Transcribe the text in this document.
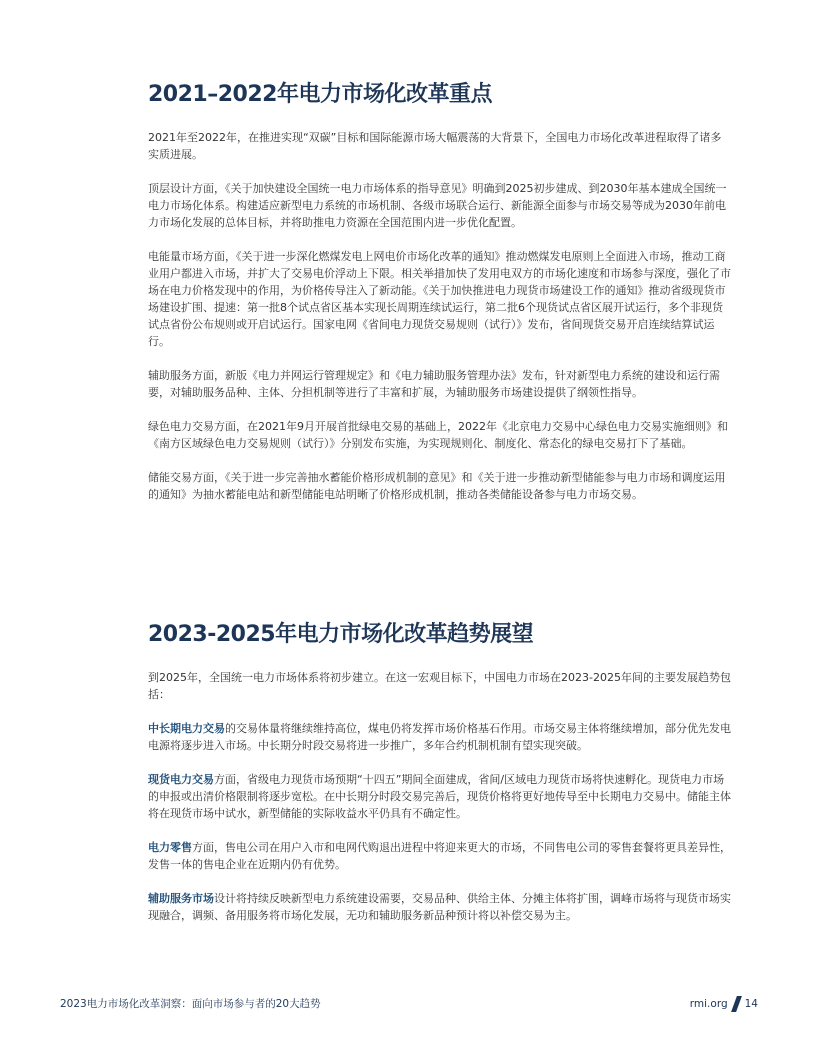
2021–2022年电力市场化改革重点

2021年至2022年，在推进实现“双碳”目标和国际能源市场大幅震荡的大背景下，全国电力市场化改革进程取得了诸多实质进展。

顶层设计方面，《关于加快建设全国统一电力市场体系的指导意见》明确到2025初步建成、到2030年基本建成全国统一电力市场化体系。构建适应新型电力系统的市场机制、各级市场联合运行、新能源全面参与市场交易等成为2030年前电力市场化发展的总体目标，并将助推电力资源在全国范围内进一步优化配置。

电能量市场方面，《关于进一步深化燃煤发电上网电价市场化改革的通知》推动燃煤发电原则上全面进入市场，推动工商业用户都进入市场，并扩大了交易电价浮动上下限。相关举措加快了发用电双方的市场化速度和市场参与深度，强化了市场在电力价格发现中的作用，为价格传导注入了新动能。《关于加快推进电力现货市场建设工作的通知》推动省级现货市场建设扩围、提速：第一批8个试点省区基本实现长周期连续试运行，第二批6个现货试点省区展开试运行，多个非现货试点省份公布规则或开启试运行。国家电网《省间电力现货交易规则（试行）》发布，省间现货交易开启连续结算试运行。

辅助服务方面，新版《电力并网运行管理规定》和《电力辅助服务管理办法》发布，针对新型电力系统的建设和运行需要，对辅助服务品种、主体、分担机制等进行了丰富和扩展，为辅助服务市场建设提供了纲领性指导。

绿色电力交易方面，在2021年9月开展首批绿电交易的基础上，2022年《北京电力交易中心绿色电力交易实施细则》和《南方区域绿色电力交易规则（试行）》分别发布实施，为实现规则化、制度化、常态化的绿电交易打下了基础。

储能交易方面，《关于进一步完善抽水蓄能价格形成机制的意见》和《关于进一步推动新型储能参与电力市场和调度运用的通知》为抽水蓄能电站和新型储能电站明晰了价格形成机制，推动各类储能设备参与电力市场交易。

2023-2025年电力市场化改革趋势展望

到2025年，全国统一电力市场体系将初步建立。在这一宏观目标下，中国电力市场在2023-2025年间的主要发展趋势包括：

中长期电力交易的交易体量将继续维持高位，煤电仍将发挥市场价格基石作用。市场交易主体将继续增加，部分优先发电电源将逐步进入市场。中长期分时段交易将进一步推广，多年合约机制机制有望实现突破。

现货电力交易方面，省级电力现货市场预期“十四五”期间全面建成，省间/区域电力现货市场将快速孵化。现货电力市场的申报或出清价格限制将逐步宽松。在中长期分时段交易完善后，现货价格将更好地传导至中长期电力交易中。储能主体将在现货市场中试水，新型储能的实际收益水平仍具有不确定性。

电力零售方面，售电公司在用户入市和电网代购退出进程中将迎来更大的市场，不同售电公司的零售套餐将更具差异性，发售一体的售电企业在近期内仍有优势。

辅助服务市场设计将持续反映新型电力系统建设需要，交易品种、供给主体、分摊主体将扩围，调峰市场将与现货市场实现融合，调频、备用服务将市场化发展，无功和辅助服务新品种预计将以补偿交易为主。

2023电力市场化改革洞察：面向市场参与者的20大趋势	rmi.org 14
